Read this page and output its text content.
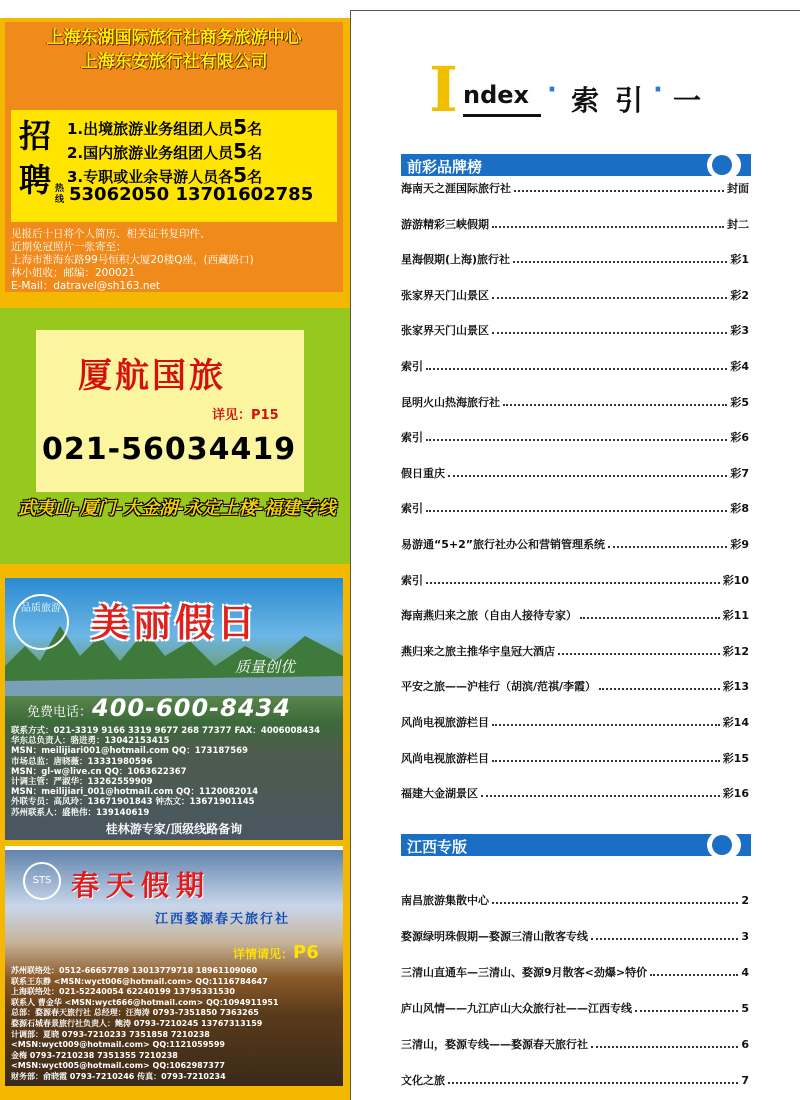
上海东湖国际旅行社商务旅游中心
上海东安旅行社有限公司
招聘
1.出境旅游业务组团人员5名
2.国内旅游业务组团人员5名
3.专职或业余导游人员各5名
热线 53062050 13701602785
见报后十日将个人简历、相关证书复印件、
近期免冠照片一张寄至：
上海市淮海东路99号恒积大厦20楼Q座，(西藏路口)
林小姐收；邮编：200021
E-Mail：datravel@sh163.net
厦航国旅
详见：P15
021-56034419
武夷山-厦门-大金湖-永定土楼-福建专线
品质旅游 美丽假日
质量创优
免费电话：400-600-8434
联系方式：021-3319 9166 3319 9677 268 77377 FAX：4006008434
华东总负责人：骆进勇：13042153415
MSN：meilijiari001@hotmail.com QQ：173187569
市场总监：唐晓薇：13331980596
MSN：gl-w@live.cn QQ：1063622367
计调主管：严淑华：13262559909
MSN：meilijiari_001@hotmail.com QQ：1120082014
外联专员：高凤玲：13671901843 钟杰文：13671901145
苏州联系人：盛艳伟：139140619
桂林游专家/顶级线路备询
STS 春天假期
江西婺源春天旅行社
详情请见：P6
苏州联络处：0512-66657789 13013779718 18961109060
联系王东静 <MSN:wyct006@hotmail.com> QQ:1116784647
上海联络处：021-52240054 62240199 13795331530
联系人 曹金华 <MSN:wyct666@hotmail.com> QQ:1094911951
总部：婺源春天旅行社 总经理：汪海涛 0793-7351850 7363265
婺源石城春景旅行社负责人：鲍涛 0793-7210245 13767313159
计调部：夏晓 0793-7210233 7351858 7210238
<MSN:wyct009@hotmail.com> QQ:1121059599
金梅 0793-7210238 7351355 7210238
<MSN:wyct005@hotmail.com> QQ:1062987377
财务部：俞晓霞 0793-7210246 传真：0793-7210234
I ndex · 索 引 · 一
前彩品牌榜
海南天之涯国际旅行社	封面
游游精彩三峡假期	封二
星海假期(上海)旅行社	彩1
张家界天门山景区	彩2
张家界天门山景区	彩3
索引	彩4
昆明火山热海旅行社	彩5
索引	彩6
假日重庆	彩7
索引	彩8
易游通“5+2”旅行社办公和营销管理系统	彩9
索引	彩10
海南燕归来之旅（自由人接待专家）	彩11
燕归来之旅主推华宇皇冠大酒店	彩12
平安之旅——沪桂行（胡滨/范祺/李霞）	彩13
风尚电视旅游栏目	彩14
风尚电视旅游栏目	彩15
福建大金湖景区	彩16
江西专版
南昌旅游集散中心	2
婺源绿明珠假期—婺源三清山散客专线	3
三清山直通车—三清山、婺源9月散客<劲爆>特价	4
庐山风情——九江庐山大众旅行社——江西专线	5
三清山，婺源专线——婺源春天旅行社	6
文化之旅	7
